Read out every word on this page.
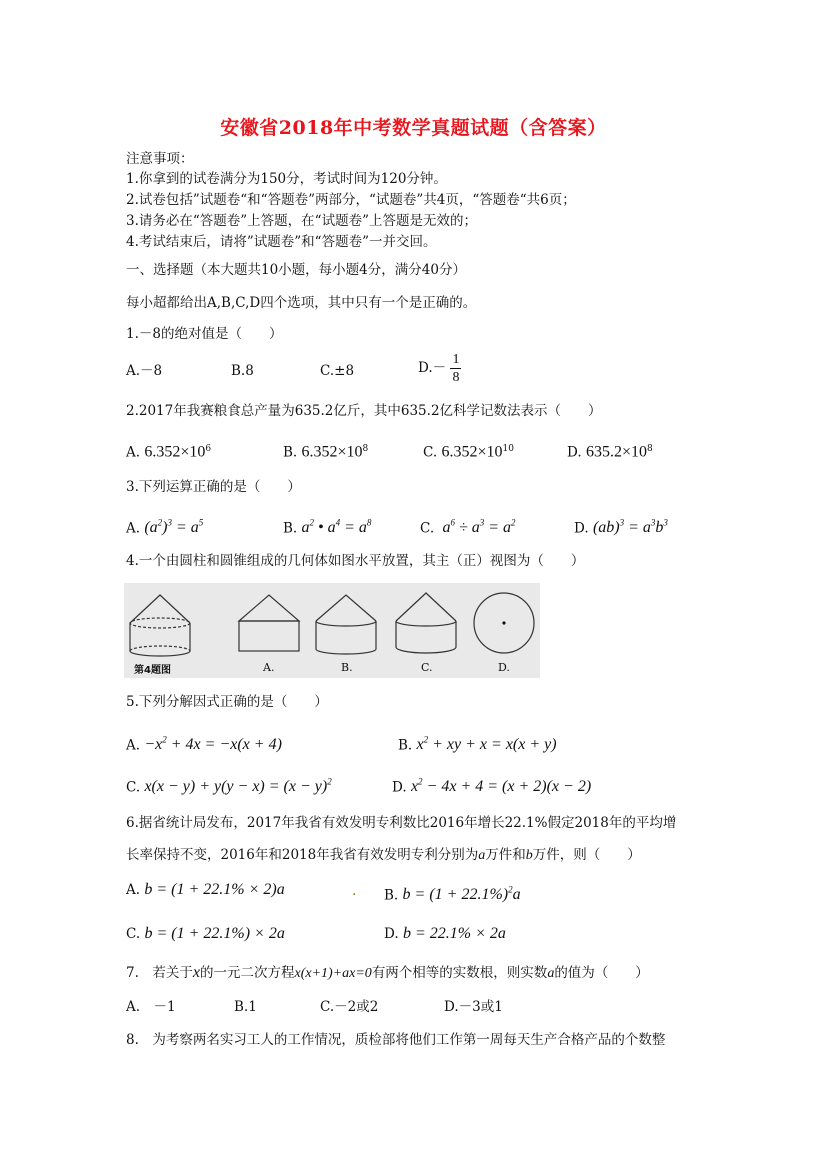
安徽省2018年中考数学真题试题（含答案）
注意事项：
1.你拿到的试卷满分为150分，考试时间为120分钟。
2.试卷包括”试题卷“和“答题卷”两部分，“试题卷”共4页，“答题卷“共6页；
3.请务必在“答题卷”上答题，在“试题卷”上答题是无效的；
4.考试结束后，请将”试题卷”和“答题卷”一并交回。
一、选择题（本大题共10小题，每小题4分，满分40分）
每小超都给出A,B,C,D四个选项，其中只有一个是正确的。
1.－8的绝对值是（　　）
A.－8	B.8	C.±8	$D.- \frac{1}{8}$
2.2017年我赛粮食总产量为635.2亿斤，其中635.2亿科学记数法表示（　　）
A. $6.352\times 10^6$	B. $6.352\times 10^8$	C. $6.352\times 10^{10}$	D. $635.2\times 10^8$
3.下列运算正确的是（　　）
A. $(a^2)^3 = a^5$	B. $a^2$ • $a^4 = a^8$	C.  $a^6 \div a^3 = a^2$	D. $(ab)^3 = a^3b^3$
4.一个由圆柱和圆锥组成的几何体如图水平放置，其主（正）视图为（　　）
第4题图	A.	B.	C.	D.
5.下列分解因式正确的是（　　）
A. $-x^2 + 4x = -x(x + 4)$	B. $x^2$ + xy + x = x(x + y)
C. $x(x - y) + y(y - x) = (x - y)^2$	D. $x^2 - 4x + 4 = (x + 2)(x - 2)$
6.据省统计局发布，2017年我省有效发明专利数比2016年增长22.1%假定2018年的平均增
长率保持不变，2016年和2018年我省有效发明专利分别为a万件和b万件，则（　　）
A. b = (1 + 22.1% × 2)a	. B. $b = (1 + 22.1\%)^2a$
C. b = (1 + 22.1%) × 2a	D. b = 22.1% × 2a
7.　若关于x的一元二次方程x(x+1)+ax=0有两个相等的实数根，则实数a的值为（　　）
A.　－1	B.1	C.－2或2	D.－3或1
8.　为考察两名实习工人的工作情况，质检部将他们工作第一周每天生产合格产品的个数整
